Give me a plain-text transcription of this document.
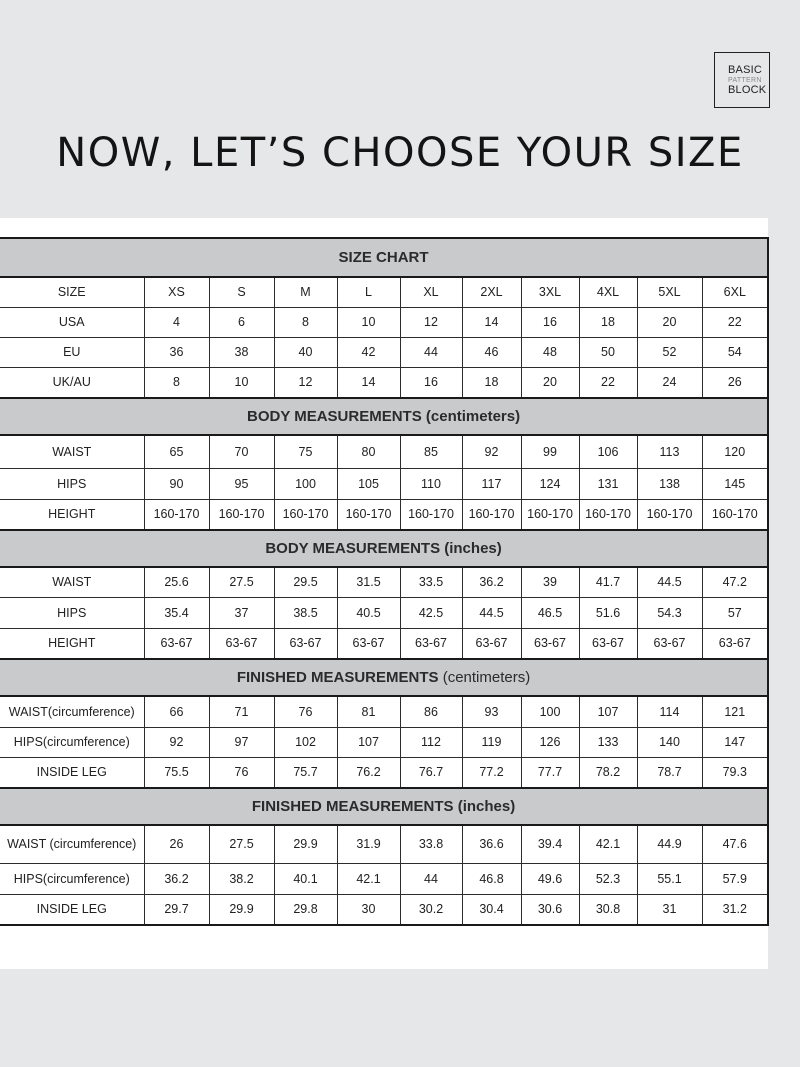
BASIC
PATTERN
BLOCK
NOW, LET’S CHOOSE YOUR SIZE
SIZE CHART										
SIZE	XS	S	M	L	XL	2XL	3XL	4XL	5XL	6XL
USA	4	6	8	10	12	14	16	18	20	22
EU	36	38	40	42	44	46	48	50	52	54
UK/AU	8	10	12	14	16	18	20	22	24	26
BODY MEASUREMENTS (centimeters)										
WAIST	65	70	75	80	85	92	99	106	113	120
HIPS	90	95	100	105	110	117	124	131	138	145
HEIGHT	160-170	160-170	160-170	160-170	160-170	160-170	160-170	160-170	160-170	160-170
BODY MEASUREMENTS (inches)										
WAIST	25.6	27.5	29.5	31.5	33.5	36.2	39	41.7	44.5	47.2
HIPS	35.4	37	38.5	40.5	42.5	44.5	46.5	51.6	54.3	57
HEIGHT	63-67	63-67	63-67	63-67	63-67	63-67	63-67	63-67	63-67	63-67
FINISHED MEASUREMENTS (centimeters)										
WAIST(circumference)	66	71	76	81	86	93	100	107	114	121
HIPS(circumference)	92	97	102	107	112	119	126	133	140	147
INSIDE LEG	75.5	76	75.7	76.2	76.7	77.2	77.7	78.2	78.7	79.3
FINISHED MEASUREMENTS (inches)										
WAIST (circumference)	26	27.5	29.9	31.9	33.8	36.6	39.4	42.1	44.9	47.6
HIPS(circumference)	36.2	38.2	40.1	42.1	44	46.8	49.6	52.3	55.1	57.9
INSIDE LEG	29.7	29.9	29.8	30	30.2	30.4	30.6	30.8	31	31.2
